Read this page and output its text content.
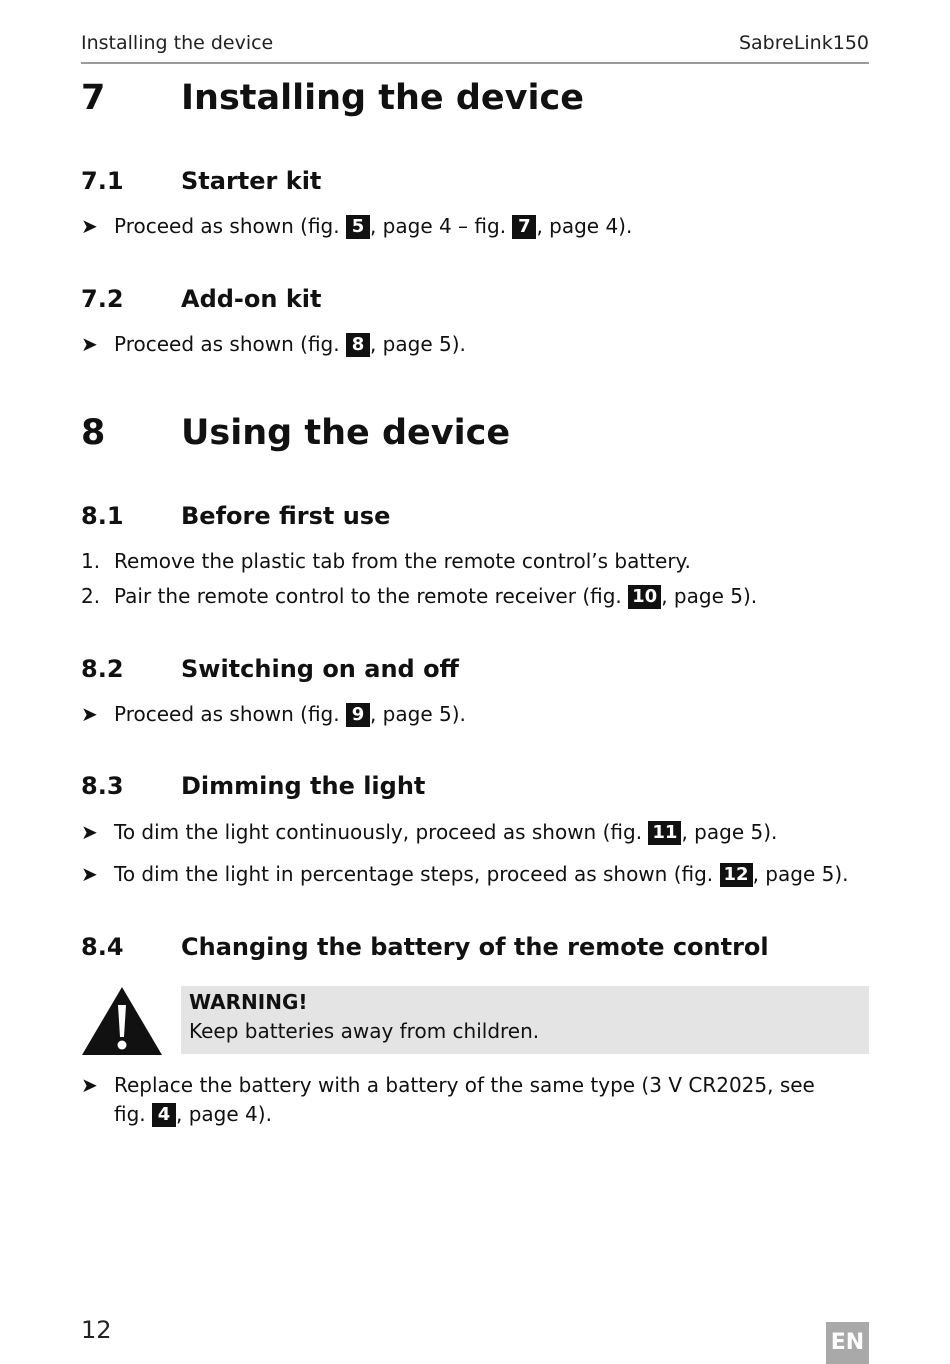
Installing the device	SabreLink150
7	Installing the device
7.1 Starter kit
➤ Proceed as shown (fig. 5 , page 4 – fig. 7 , page 4).
7.2 Add-on kit
➤ Proceed as shown (fig. 8 , page 5).
8	Using the device
8.1 Before first use
1. Remove the plastic tab from the remote control’s battery.
2. Pair the remote control to the remote receiver (fig. 10 , page 5).
8.2 Switching on and off
➤ Proceed as shown (fig. 9 , page 5).
8.3 Dimming the light
➤ To dim the light continuously, proceed as shown (fig. 11 , page 5).
➤ To dim the light in percentage steps, proceed as shown (fig. 12 , page 5).
8.4 Changing the battery of the remote control
WARNING!
Keep batteries away from children.
➤ Replace the battery with a battery of the same type (3 V CR2025, see fig. 4 , page 4).
12	EN
